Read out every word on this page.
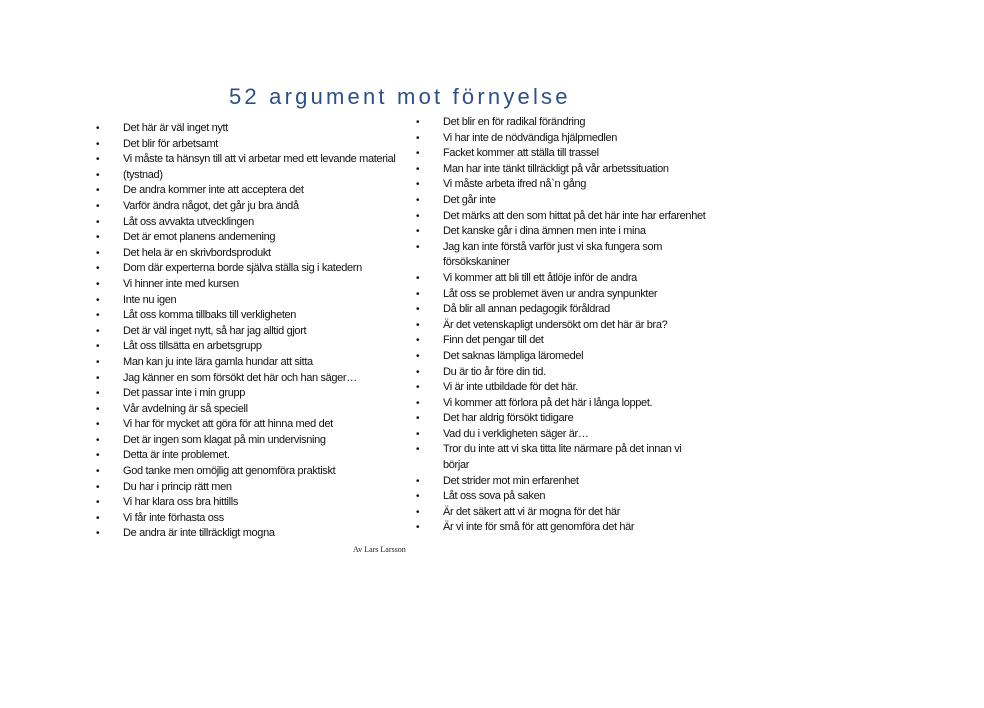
52 argument mot förnyelse
• Det här är väl inget nytt
• Det blir för arbetsamt
• Vi måste ta hänsyn till att vi arbetar med ett levande material
• (tystnad)
• De andra kommer inte att acceptera det
• Varför ändra något, det går ju bra ändå
• Låt oss avvakta utvecklingen
• Det är emot planens andemening
• Det hela är en skrivbordsprodukt
• Dom där experterna borde själva ställa sig i katedern
• Vi hinner inte med kursen
• Inte nu igen
• Låt oss komma tillbaks till verkligheten
• Det är väl inget nytt, så har jag alltid gjort
• Låt oss tillsätta en arbetsgrupp
• Man kan ju inte lära gamla hundar att sitta
• Jag känner en som försökt det här och han säger…
• Det passar inte i min grupp
• Vår avdelning är så speciell
• Vi har för mycket att göra för att hinna med det
• Det är ingen som klagat på min undervisning
• Detta är inte problemet.
• God tanke men omöjlig att genomföra praktiskt
• Du har i princip rätt men
• Vi har klara oss bra hittills
• Vi får inte förhasta oss
• De andra är inte tillräckligt mogna
• Det blir en för radikal förändring
• Vi har inte de nödvändiga hjälpmedlen
• Facket kommer att ställa till trassel
• Man har inte tänkt tillräckligt på vår arbetssituation
• Vi måste arbeta ifred nå`n gång
• Det går inte
• Det märks att den som hittat på det här inte har erfarenhet
• Det kanske går i dina ämnen men inte i mina
• Jag kan inte förstå varför just vi ska fungera som försökskaniner
• Vi kommer att bli till ett åtlöje inför de andra
• Låt oss se problemet även ur andra synpunkter
• Då blir all annan pedagogik föråldrad
• Är det vetenskapligt undersökt om det här är bra?
• Finn det pengar till det
• Det saknas lämpliga läromedel
• Du är tio år före din tid.
• Vi är inte utbildade för det här.
• Vi kommer att förlora på det här i långa loppet.
• Det har aldrig försökt tidigare
• Vad du i verkligheten säger är…
• Tror du inte att vi ska titta lite närmare på det innan vi börjar
• Det strider mot min erfarenhet
• Låt oss sova på saken
• Är det säkert att vi är mogna för det här
• Är vi inte för små för att genomföra det här
Av Lars Larsson
